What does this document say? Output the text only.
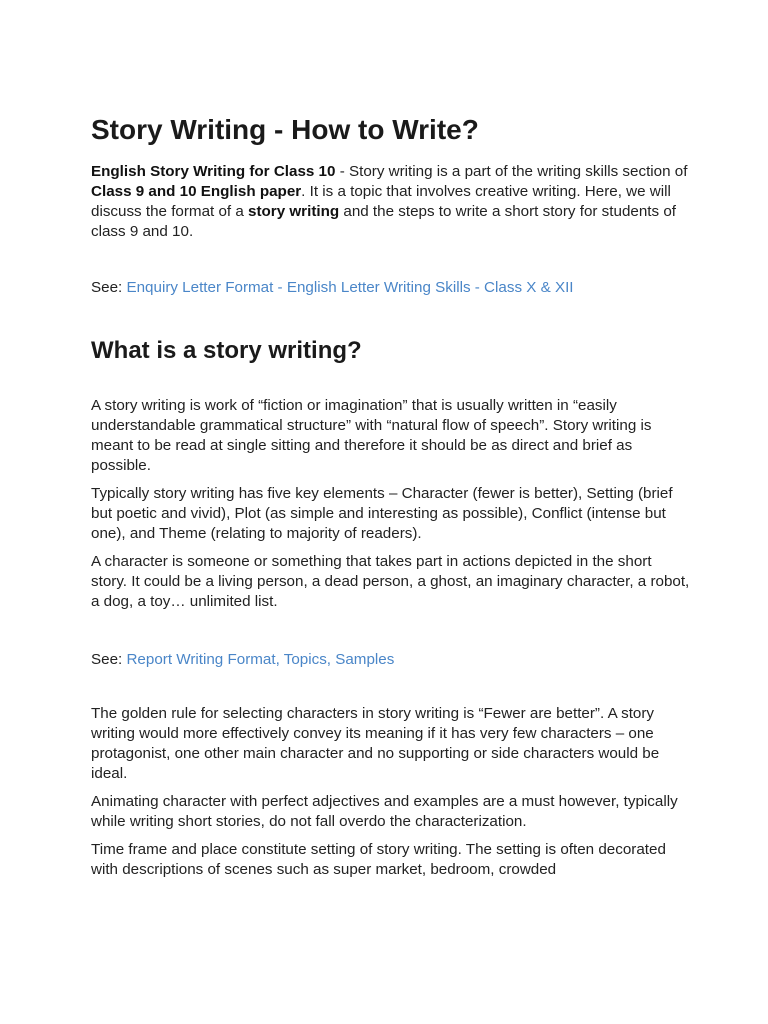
Story Writing - How to Write?

English Story Writing for Class 10 - Story writing is a part of the writing skills section of Class 9 and 10 English paper. It is a topic that involves creative writing. Here, we will discuss the format of a story writing and the steps to write a short story for students of class 9 and 10.

See: Enquiry Letter Format - English Letter Writing Skills - Class X & XII

What is a story writing?

A story writing is work of “fiction or imagination” that is usually written in “easily understandable grammatical structure” with “natural flow of speech”. Story writing is meant to be read at single sitting and therefore it should be as direct and brief as possible.

Typically story writing has five key elements – Character (fewer is better), Setting (brief but poetic and vivid), Plot (as simple and interesting as possible), Conflict (intense but one), and Theme (relating to majority of readers).

A character is someone or something that takes part in actions depicted in the short story. It could be a living person, a dead person, a ghost, an imaginary character, a robot, a dog, a toy… unlimited list.

See: Report Writing Format, Topics, Samples

The golden rule for selecting characters in story writing is “Fewer are better”. A story writing would more effectively convey its meaning if it has very few characters – one protagonist, one other main character and no supporting or side characters would be ideal.

Animating character with perfect adjectives and examples are a must however, typically while writing short stories, do not fall overdo the characterization.

Time frame and place constitute setting of story writing. The setting is often decorated with descriptions of scenes such as super market, bedroom, crowded
